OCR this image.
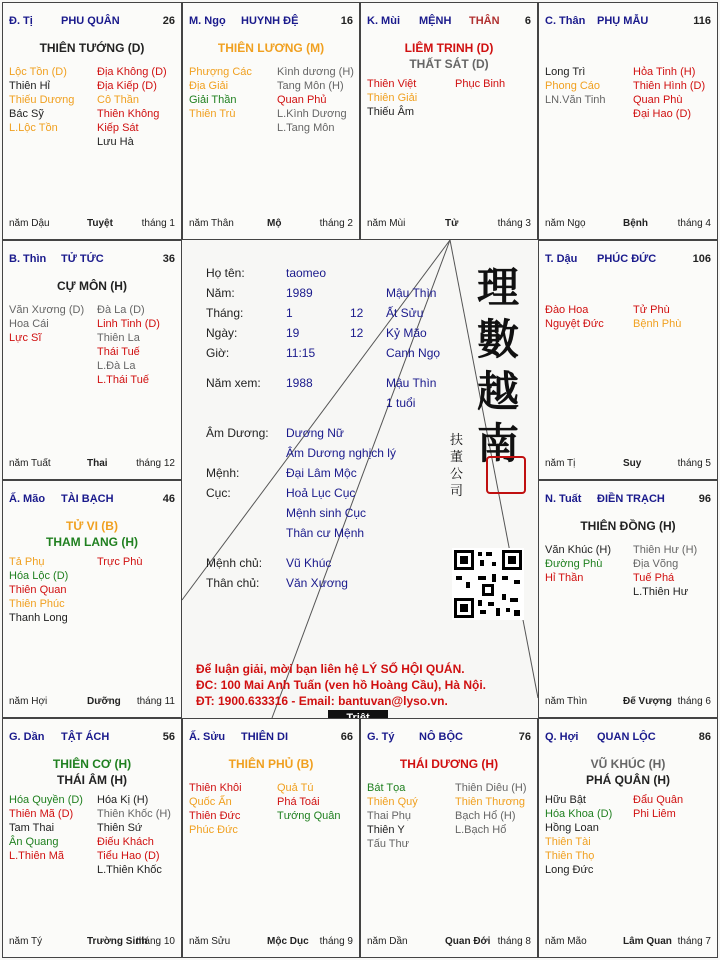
Họ tên:	taomeo
Năm:	1989	Mậu Thìn
Tháng:	1	12 Ất Sửu
Ngày:	19	12 Kỷ Mão
Giờ:	11:15	Canh Ngọ
Năm xem: 1988	Mậu Thìn
1 tuổi
Âm Dương: Dương Nữ
Âm Dương nghịch lý
Mệnh:	Đại Lâm Mộc
Cục:	Hoả Lục Cục
Mệnh sinh Cục
Thân cư Mệnh
Mệnh chủ: Vũ Khúc
Thân chủ: Văn Xương
理
數
越
南
扶
董
公
司
Để luận giải, mời bạn liên hệ LÝ SỐ HỘI QUÁN.
ĐC: 100 Mai Anh Tuấn (ven hồ Hoàng Cầu), Hà Nội.
ĐT: 1900.633316 - Email: bantuvan@lyso.vn.
Đ. Tị	PHU QUÂN	26
THIÊN TƯỚNG (D)
Lộc Tồn (D)
Thiên Hỉ
Thiếu Dương
Bác Sỹ
L.Lộc Tồn
Địa Không (D)
Địa Kiếp (D)
Cô Thần
Thiên Không
Kiếp Sát
Lưu Hà
năm Dậu	Tuyệt	tháng 1
M. Ngọ HUYNH ĐỆ	16
THIÊN LƯƠNG (M)
Phượng Các
Địa Giải
Giải Thần
Thiên Trù
Kình dương (H)
Tang Môn (H)
Quan Phủ
L.Kình Dương
L.Tang Môn
năm Thân	Mộ	tháng 2
K. Mùi MỆNH THÂN 6
LIÊM TRINH (D)
THẤT SÁT (D)
Thiên Việt
Thiên Giải
Thiếu Âm
Phục Binh
năm Mùi	Tử	tháng 3
C. Thân PHỤ MẪU	116
Long Trì
Phong Cáo
LN.Văn Tinh
Hỏa Tinh (H)
Thiên Hình (D)
Quan Phù
Đại Hao (D)
năm Ngọ	Bệnh	tháng 4
B. Thìn TỬ TỨC	36
CỰ MÔN (H)
Văn Xương (D)
Hoa Cái
Lực Sĩ
Đà La (D)
Linh Tinh (D)
Thiên La
Thái Tuế
L.Đà La
L.Thái Tuế
năm Tuất	Thai	tháng 12
T. Dậu PHÚC ĐỨC	106
Đào Hoa
Nguyệt Đức
Tử Phù
Bệnh Phù
năm Tị	Suy	tháng 5
Ấ. Mão TÀI BẠCH	46
TỬ VI (B)
THAM LANG (H)
Tả Phụ
Hóa Lộc (D)
Thiên Quan
Thiên Phúc
Thanh Long
Trực Phù
năm Hợi	Dưỡng tháng 11
N. Tuất ĐIỀN TRẠCH	96
THIÊN ĐỒNG (H)
Văn Khúc (H)
Đường Phù
Hỉ Thần
Thiên Hư (H)
Địa Võng
Tuế Phá
L.Thiên Hư
năm Thìn	Đế Vượng tháng 6
G. Dần TẬT ÁCH	56
THIÊN CƠ (H)
THÁI ÂM (H)
Hóa Quyền (D)
Thiên Mã (D)
Tam Thai
Ân Quang
L.Thiên Mã
Hóa Kị (H)
Thiên Khốc (H)
Thiên Sứ
Điếu Khách
Tiểu Hao (D)
L.Thiên Khốc
năm Tý	Trường Sinh
tháng 10
Ấ. Sửu THIÊN DI	66
THIÊN PHỦ (B)
Thiên Khôi
Quốc Ấn
Thiên Đức
Phúc Đức
Quả Tú
Phá Toái
Tướng Quân
năm Sửu	Mộc Dục tháng 9
G. Tý NÔ BỘC	76
THÁI DƯƠNG (H)
Bát Tọa
Thiên Quý
Thai Phụ
Thiên Y
Tấu Thư
Thiên Diêu (H)
Thiên Thương
Bạch Hổ (H)
L.Bạch Hổ
năm Dần	Quan Đới tháng 8
Q. Hợi QUAN LỘC	86
VŨ KHÚC (H)
PHÁ QUÂN (H)
Hữu Bật
Hóa Khoa (D)
Hồng Loan
Thiên Tài
Thiên Thọ
Long Đức
Đẩu Quân
Phi Liêm
năm Mão	Lâm Quan tháng 7
